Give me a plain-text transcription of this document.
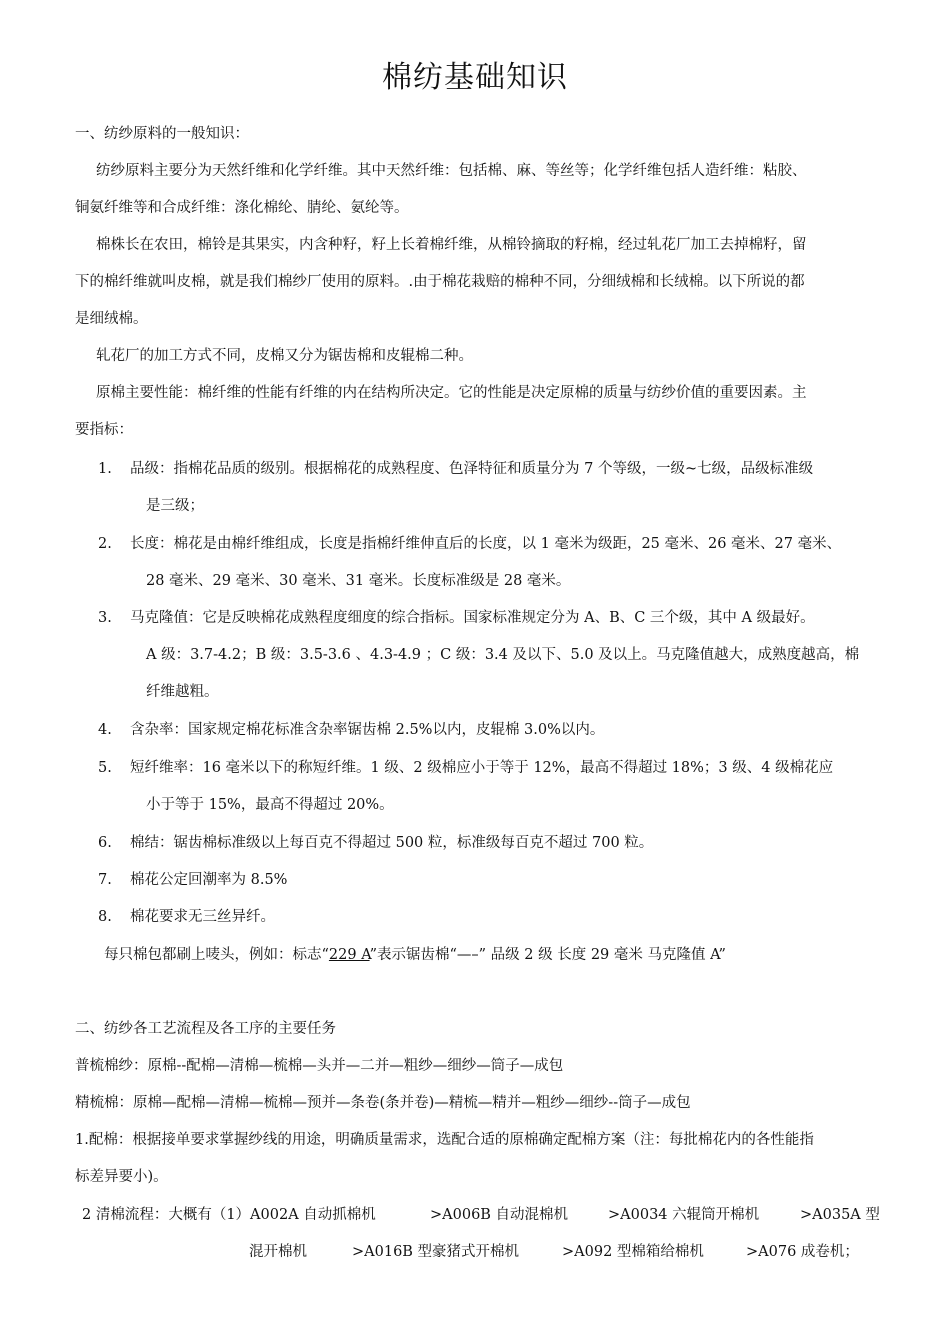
棉纺基础知识
一、纺纱原料的一般知识：
纺纱原料主要分为天然纤维和化学纤维。其中天然纤维：包括棉、麻、等丝等；化学纤维包括人造纤维：粘胶、
铜氨纤维等和合成纤维：涤化棉纶、腈纶、氨纶等。
棉株长在农田，棉铃是其果实，内含种籽，籽上长着棉纤维，从棉铃摘取的籽棉，经过轧花厂加工去掉棉籽，留
下的棉纤维就叫皮棉，就是我们棉纱厂使用的原料。.由于棉花栽赔的棉种不同，分细绒棉和长绒棉。以下所说的都
是细绒棉。
轧花厂的加工方式不同，皮棉又分为锯齿棉和皮辊棉二种。
原棉主要性能：棉纤维的性能有纤维的内在结构所决定。它的性能是决定原棉的质量与纺纱价值的重要因素。主
要指标：
1. 品级：指棉花品质的级别。根据棉花的成熟程度、色泽特征和质量分为 7 个等级，一级~七级，品级标准级
是三级；
2. 长度：棉花是由棉纤维组成，长度是指棉纤维伸直后的长度，以 1 毫米为级距，25 毫米、26 毫米、27 毫米、
28 毫米、29 毫米、30 毫米、31 毫米。长度标准级是 28 毫米。
3. 马克隆值：它是反映棉花成熟程度细度的综合指标。国家标准规定分为 A、B、C 三个级，其中 A 级最好。
A 级：3.7-4.2；B 级：3.5-3.6 、4.3-4.9 ；C 级：3.4 及以下、5.0 及以上。马克隆值越大，成熟度越高，棉
纤维越粗。
4. 含杂率：国家规定棉花标准含杂率锯齿棉 2.5%以内，皮辊棉 3.0%以内。
5. 短纤维率：16 毫米以下的称短纤维。1 级、2 级棉应小于等于 12%，最高不得超过 18%；3 级、4 级棉花应
小于等于 15%，最高不得超过 20%。
6. 棉结：锯齿棉标准级以上每百克不得超过 500 粒，标准级每百克不超过 700 粒。
7. 棉花公定回潮率为 8.5%
8. 棉花要求无三丝异纤。
每只棉包都刷上唛头，例如：标志“229 A”表示锯齿棉“—–” 品级 2 级 长度 29 毫米 马克隆值 A”
二、纺纱各工艺流程及各工序的主要任务
普梳棉纱：原棉--配棉—清棉—梳棉—头并—二并—粗纱—细纱—筒子—成包
精梳棉：原棉—配棉—清棉—梳棉—预并—条卷(条并卷)—精梳—精并—粗纱—细纱--筒子—成包
1.配棉：根据接单要求掌握纱线的用途，明确质量需求，选配合适的原棉确定配棉方案（注：每批棉花内的各性能指
标差异要小)。
2 清棉流程：大概有（1）A002A 自动抓棉机	>A006B 自动混棉机	>A0034 六辊筒开棉机	>A035A 型
混开棉机	>A016B 型豪猪式开棉机	>A092 型棉箱给棉机	>A076 成卷机；
